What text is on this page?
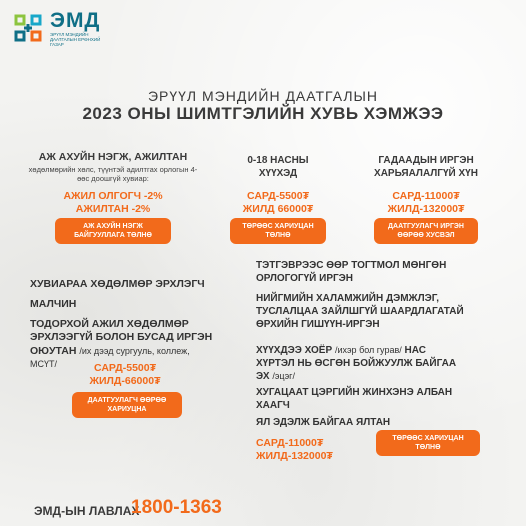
ЭМД
ЭРҮҮЛ МЭНДИЙН ДААТГАЛЫН ЕРӨНХИЙ ГАЗАР
ЭРҮҮЛ МЭНДИЙН ДААТГАЛЫН
2023 ОНЫ ШИМТГЭЛИЙН ХУВЬ ХЭМЖЭЭ
АЖ АХУЙН НЭГЖ, АЖИЛТАН
хөдөлмөрийн хөлс, түүнтэй адилтгах орлогын 4-өөс доошгүй хувиар:
АЖИЛ ОЛГОГЧ -2%
АЖИЛТАН -2%
АЖ АХУЙН НЭГЖ БАЙГУУЛЛАГА ТӨЛНӨ
0-18 НАСНЫ
ХҮҮХЭД
САРД-5500₮
ЖИЛД 66000₮
ТӨРӨӨС ХАРИУЦАН ТӨЛНӨ
ГАДААДЫН ИРГЭН
ХАРЬЯАЛАЛГҮЙ ХҮН
САРД-11000₮
ЖИЛД-132000₮
ДААТГУУЛАГЧ ИРГЭН ӨӨРӨӨ ХУСВЭЛ
ХУВИАРАА ХӨДӨЛМӨР ЭРХЛЭГЧ
МАЛЧИН
ТОДОРХОЙ АЖИЛ ХӨДӨЛМӨР
ЭРХЛЭЭГҮЙ БОЛОН БУСАД ИРГЭН
ОЮУТАН /их дээд сургууль, коллеж,
МСҮТ/	САРД-5500₮
ЖИЛД-66000₮
ДААТГУУЛАГЧ ӨӨРӨӨ ХАРИУЦНА
ТЭТГЭВРЭЭС ӨӨР ТОГТМОЛ МӨНГӨН
ОРЛОГОГҮЙ ИРГЭН
НИЙГМИЙН ХАЛАМЖИЙН ДЭМЖЛЭГ,
ТУСЛАЛЦАА ЗАЙЛШГҮЙ ШААРДЛАГАТАЙ
ӨРХИЙН ГИШҮҮН-ИРГЭН
ХҮҮХДЭЭ ХОЁР /ихэр бол гурав/ НАС
ХҮРТЭЛ НЬ ӨСГӨН БОЙЖУУЛЖ БАЙГАА
ЭХ /эцэг/
ХУГАЦААТ ЦЭРГИЙН ЖИНХЭНЭ АЛБАН
ХААГЧ
ЯЛ ЭДЭЛЖ БАЙГАА ЯЛТАН
САРД-11000₮
ЖИЛД-132000₮
ТӨРӨӨС ХАРИУЦАН ТӨЛНӨ
ЭМД-ЫН ЛАВЛАХ
1800-1363
